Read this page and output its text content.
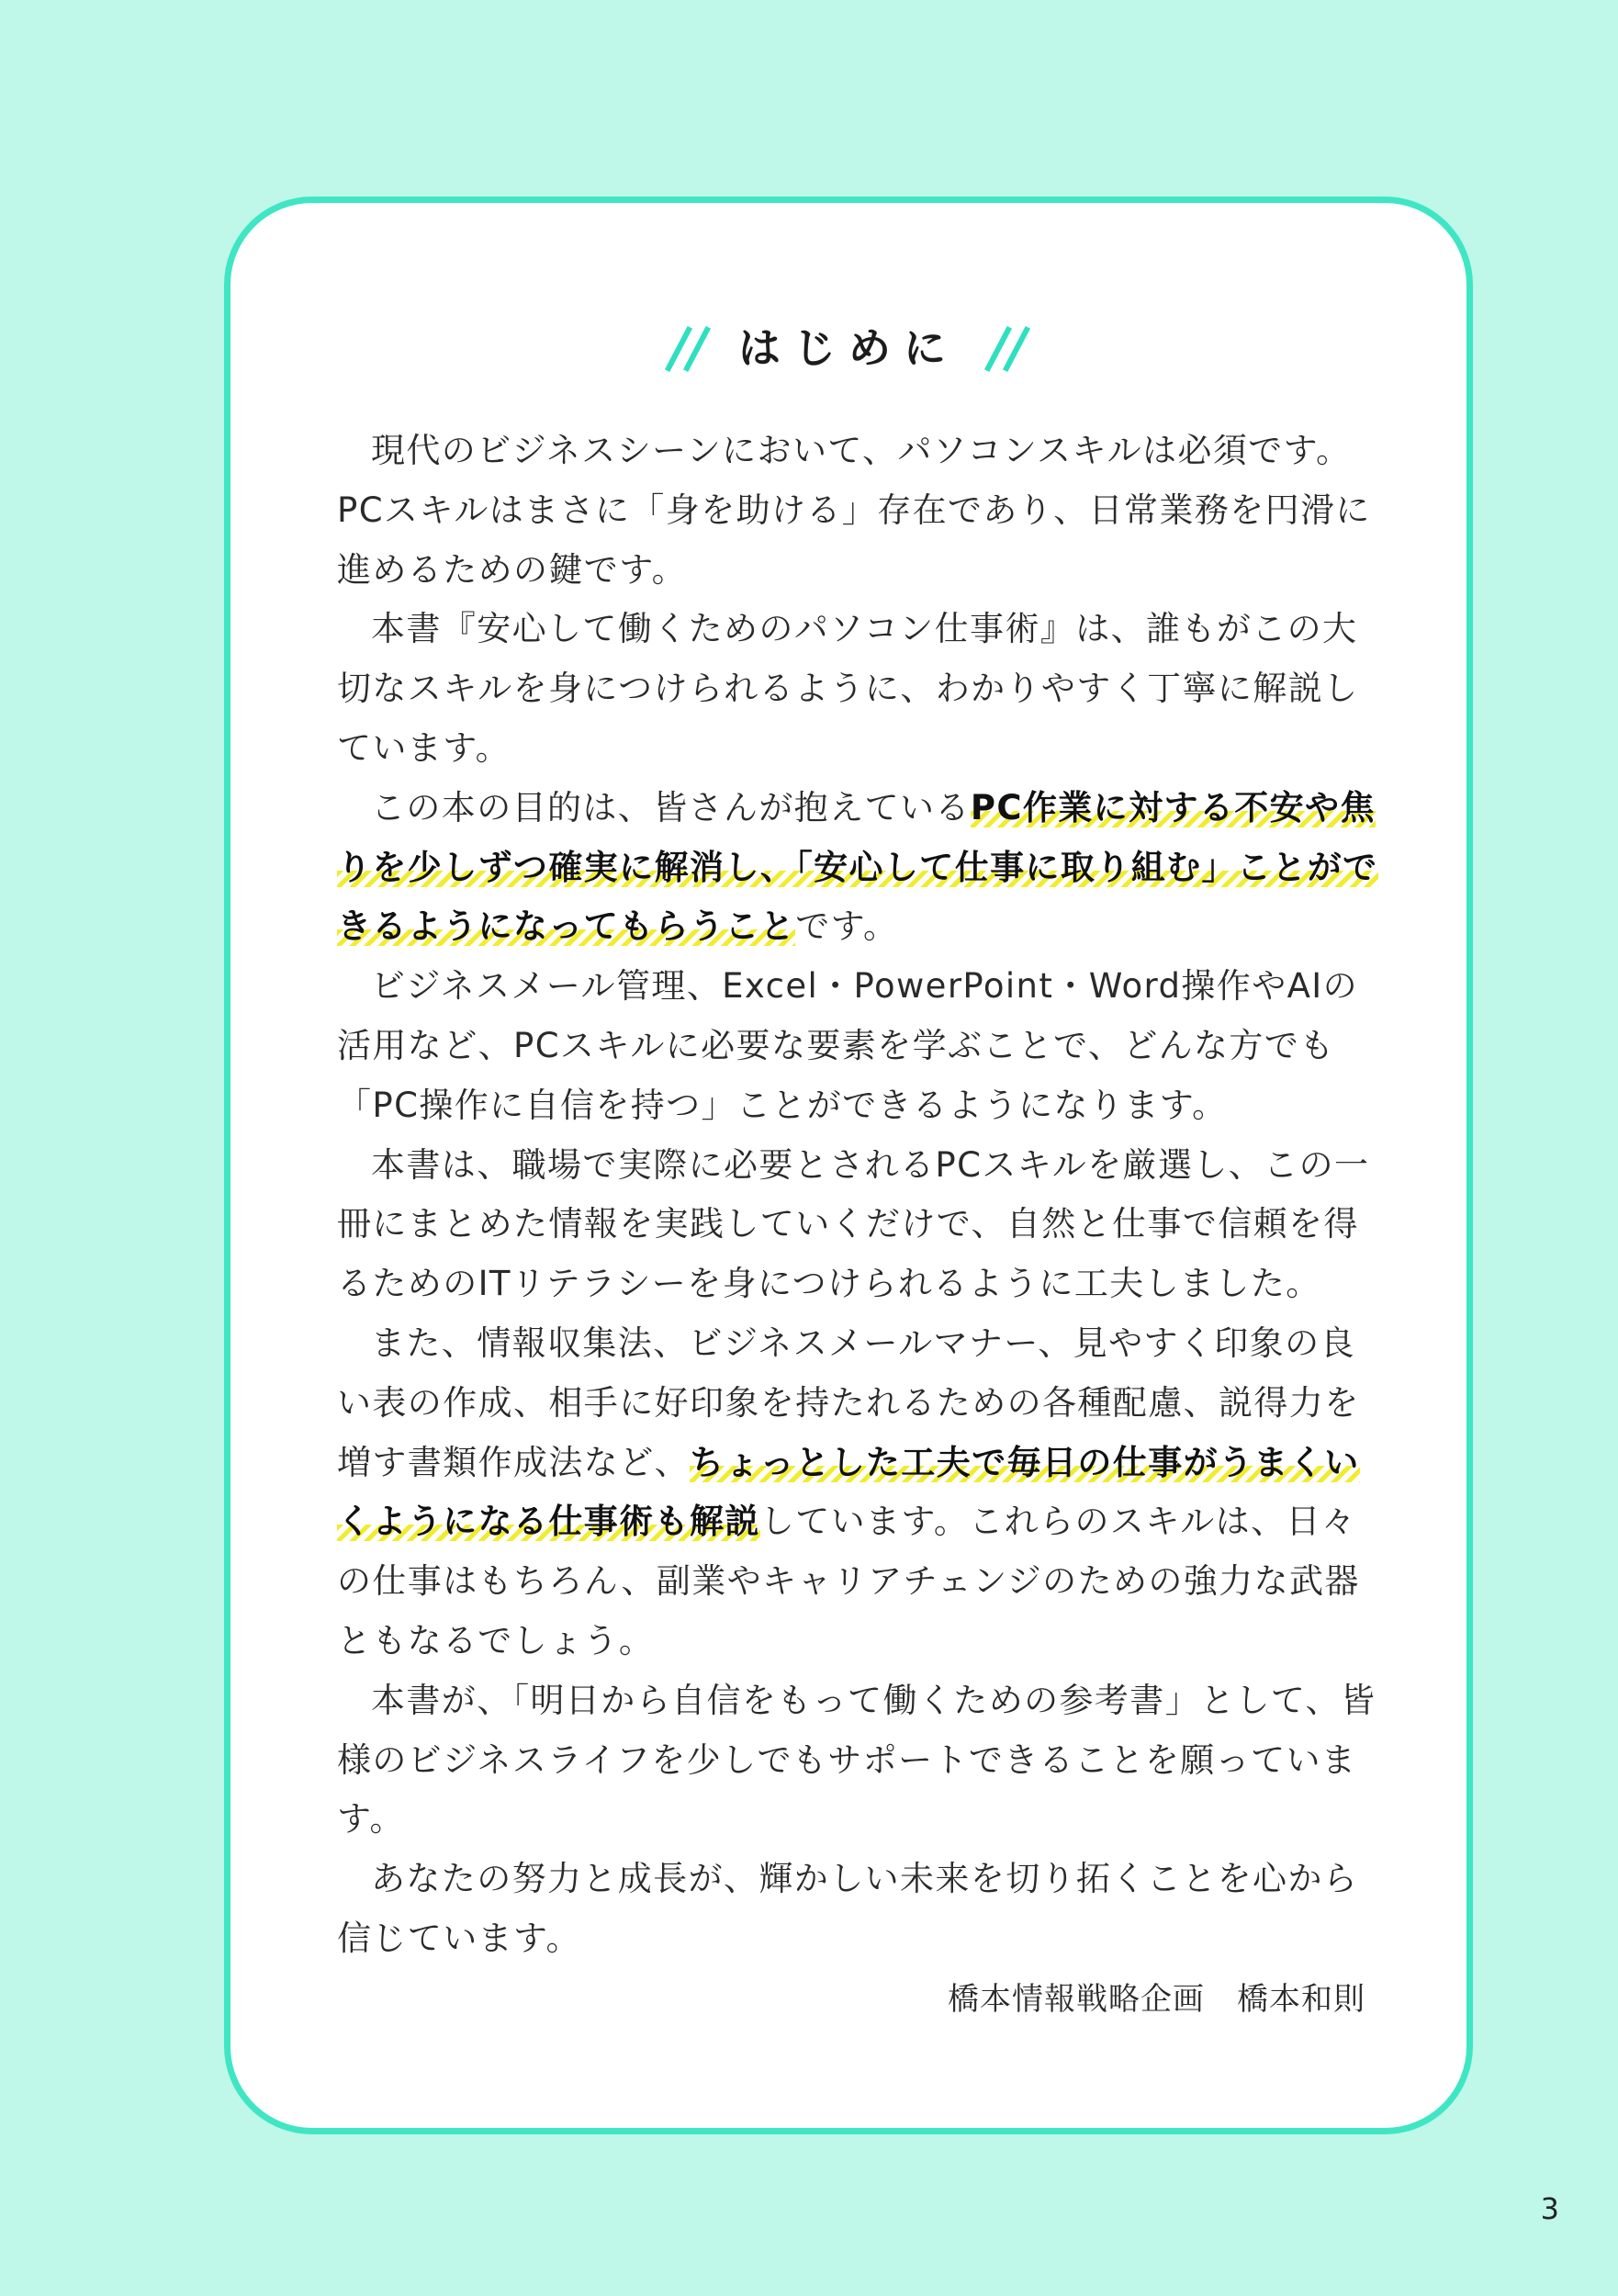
はじめに

現代のビジネスシーンにおいて、パソコンスキルは必須です。PCスキルはまさに「身を助ける」存在であり、日常業務を円滑に進めるための鍵です。

本書『安心して働くためのパソコン仕事術』は、誰もがこの大切なスキルを身につけられるように、わかりやすく丁寧に解説しています。

この本の目的は、皆さんが抱えているPC作業に対する不安や焦りを少しずつ確実に解消し、「安心して仕事に取り組む」ことができるようになってもらうことです。

ビジネスメール管理、Excel・PowerPoint・Word操作やAIの活用など、PCスキルに必要な要素を学ぶことで、どんな方でも「PC操作に自信を持つ」ことができるようになります。

本書は、職場で実際に必要とされるPCスキルを厳選し、この一冊にまとめた情報を実践していくだけで、自然と仕事で信頼を得るためのITリテラシーを身につけられるように工夫しました。

また、情報収集法、ビジネスメールマナー、見やすく印象の良い表の作成、相手に好印象を持たれるための各種配慮、説得力を増す書類作成法など、ちょっとした工夫で毎日の仕事がうまくいくようになる仕事術も解説しています。これらのスキルは、日々の仕事はもちろん、副業やキャリアチェンジのための強力な武器ともなるでしょう。

本書が、「明日から自信をもって働くための参考書」として、皆様のビジネスライフを少しでもサポートできることを願っています。

あなたの努力と成長が、輝かしい未来を切り拓くことを心から信じています。

橋本情報戦略企画　橋本和則
3
